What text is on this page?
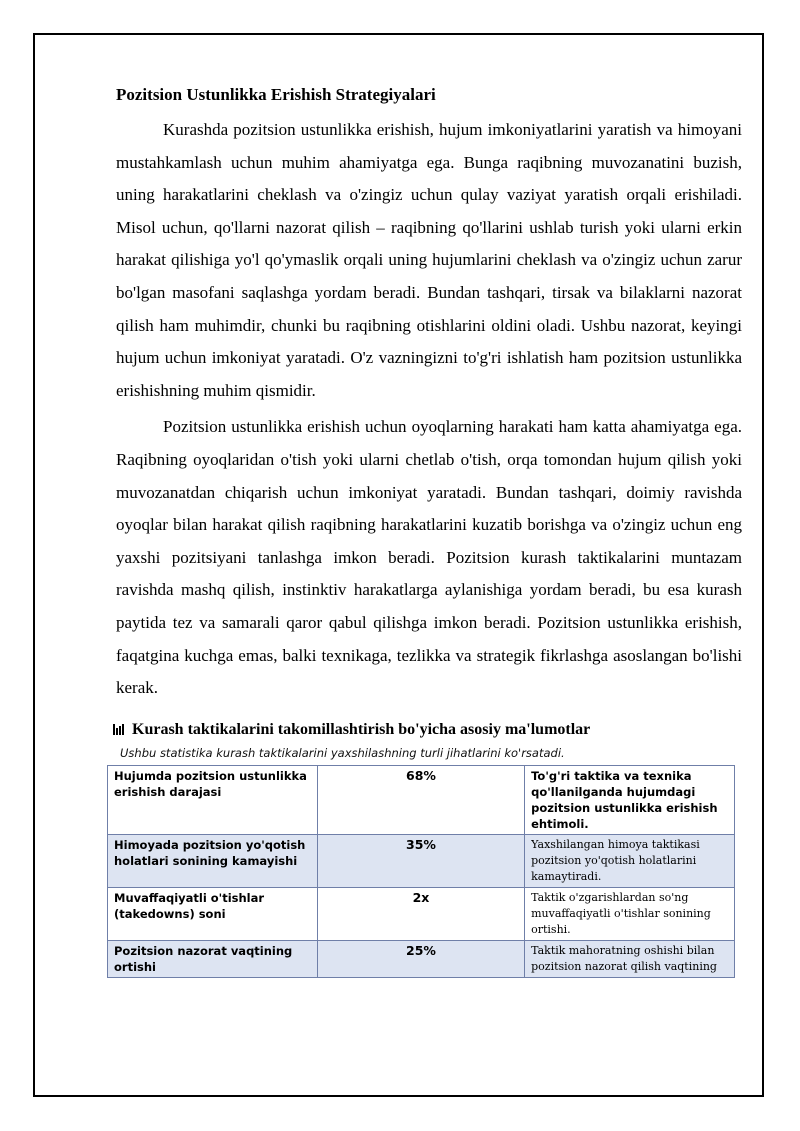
Pozitsion Ustunlikka Erishish Strategiyalari

Kurashda pozitsion ustunlikka erishish, hujum imkoniyatlarini yaratish va himoyani mustahkamlash uchun muhim ahamiyatga ega. Bunga raqibning muvozanatini buzish, uning harakatlarini cheklash va o'zingiz uchun qulay vaziyat yaratish orqali erishiladi. Misol uchun, qo'llarni nazorat qilish – raqibning qo'llarini ushlab turish yoki ularni erkin harakat qilishiga yo'l qo'ymaslik orqali uning hujumlarini cheklash va o'zingiz uchun zarur bo'lgan masofani saqlashga yordam beradi. Bundan tashqari, tirsak va bilaklarni nazorat qilish ham muhimdir, chunki bu raqibning otishlarini oldini oladi. Ushbu nazorat, keyingi hujum uchun imkoniyat yaratadi. O'z vazningizni to'g'ri ishlatish ham pozitsion ustunlikka erishishning muhim qismidir.

Pozitsion ustunlikka erishish uchun oyoqlarning harakati ham katta ahamiyatga ega. Raqibning oyoqlaridan o'tish yoki ularni chetlab o'tish, orqa tomondan hujum qilish yoki muvozanatdan chiqarish uchun imkoniyat yaratadi. Bundan tashqari, doimiy ravishda oyoqlar bilan harakat qilish raqibning harakatlarini kuzatib borishga va o'zingiz uchun eng yaxshi pozitsiyani tanlashga imkon beradi. Pozitsion kurash taktikalarini muntazam ravishda mashq qilish, instinktiv harakatlarga aylanishiga yordam beradi, bu esa kurash paytida tez va samarali qaror qabul qilishga imkon beradi. Pozitsion ustunlikka erishish, faqatgina kuchga emas, balki texnikaga, tezlikka va strategik fikrlashga asoslangan bo'lishi kerak.

Kurash taktikalarini takomillashtirish bo'yicha asosiy ma'lumotlar
Ushbu statistika kurash taktikalarini yaxshilashning turli jihatlarini ko'rsatadi.
Hujumda pozitsion ustunlikka erishish darajasi	68%	To'g'ri taktika va texnika qo'llanilganda hujumdagi pozitsion ustunlikka erishish ehtimoli.
Himoyada pozitsion yo'qotish holatlari sonining kamayishi	35%	Yaxshilangan himoya taktikasi pozitsion yo'qotish holatlarini kamaytiradi.
Muvaffaqiyatli o'tishlar (takedowns) soni	2x	Taktik o'zgarishlardan so'ng muvaffaqiyatli o'tishlar sonining ortishi.
Pozitsion nazorat vaqtining ortishi	25%	Taktik mahoratning oshishi bilan pozitsion nazorat qilish vaqtining
